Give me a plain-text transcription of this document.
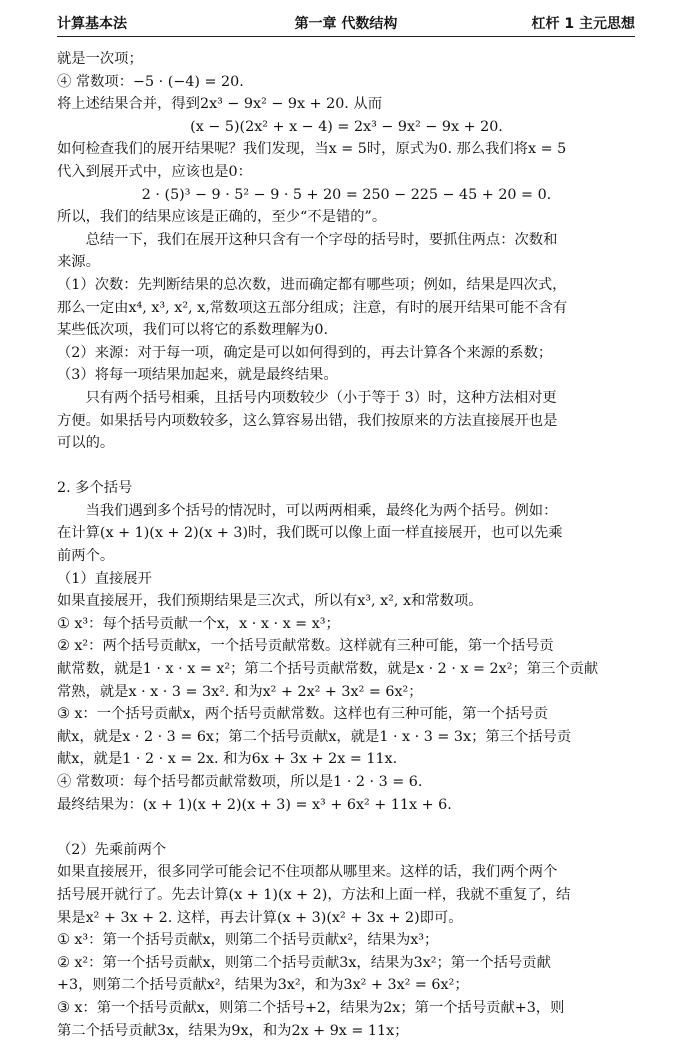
计算基本法	第一章 代数结构	杠杆 1 主元思想

就是一次项；

④ 常数项：−5 · (−4) = 20.

将上述结果合并，得到2x³ − 9x² − 9x + 20. 从而

(x − 5)(2x² + x − 4) = 2x³ − 9x² − 9x + 20.

如何检查我们的展开结果呢？我们发现，当x = 5时，原式为0. 那么我们将x = 5

代入到展开式中，应该也是0：

2 · (5)³ − 9 · 5² − 9 · 5 + 20 = 250 − 225 − 45 + 20 = 0.

所以，我们的结果应该是正确的，至少“不是错的”。

总结一下，我们在展开这种只含有一个字母的括号时，要抓住两点：次数和

来源。

（1）次数：先判断结果的总次数，进而确定都有哪些项；例如，结果是四次式，

那么一定由x⁴, x³, x², x,常数项这五部分组成；注意，有时的展开结果可能不含有

某些低次项，我们可以将它的系数理解为0.

（2）来源：对于每一项，确定是可以如何得到的，再去计算各个来源的系数；

（3）将每一项结果加起来，就是最终结果。

只有两个括号相乘，且括号内项数较少（小于等于 3）时，这种方法相对更

方便。如果括号内项数较多，这么算容易出错，我们按原来的方法直接展开也是

可以的。

2. 多个括号

当我们遇到多个括号的情况时，可以两两相乘，最终化为两个括号。例如：

在计算(x + 1)(x + 2)(x + 3)时，我们既可以像上面一样直接展开，也可以先乘

前两个。

（1）直接展开

如果直接展开，我们预期结果是三次式，所以有x³, x², x和常数项。

① x³：每个括号贡献一个x，x · x · x = x³；

② x²：两个括号贡献x，一个括号贡献常数。这样就有三种可能，第一个括号贡

献常数，就是1 · x · x = x²；第二个括号贡献常数，就是x · 2 · x = 2x²；第三个贡献

常熟，就是x · x · 3 = 3x². 和为x² + 2x² + 3x² = 6x²；

③ x：一个括号贡献x，两个括号贡献常数。这样也有三种可能，第一个括号贡

献x，就是x · 2 · 3 = 6x；第二个括号贡献x，就是1 · x · 3 = 3x；第三个括号贡

献x，就是1 · 2 · x = 2x. 和为6x + 3x + 2x = 11x.

④ 常数项：每个括号都贡献常数项，所以是1 · 2 · 3 = 6.

最终结果为：(x + 1)(x + 2)(x + 3) = x³ + 6x² + 11x + 6.

（2）先乘前两个

如果直接展开，很多同学可能会记不住项都从哪里来。这样的话，我们两个两个

括号展开就行了。先去计算(x + 1)(x + 2)，方法和上面一样，我就不重复了，结

果是x² + 3x + 2. 这样，再去计算(x + 3)(x² + 3x + 2)即可。

① x³：第一个括号贡献x，则第二个括号贡献x²，结果为x³；

② x²：第一个括号贡献x，则第二个括号贡献3x，结果为3x²；第一个括号贡献

+3，则第二个括号贡献x²，结果为3x²，和为3x² + 3x² = 6x²；

③ x：第一个括号贡献x，则第二个括号+2，结果为2x；第一个括号贡献+3，则

第二个括号贡献3x，结果为9x，和为2x + 9x = 11x；
